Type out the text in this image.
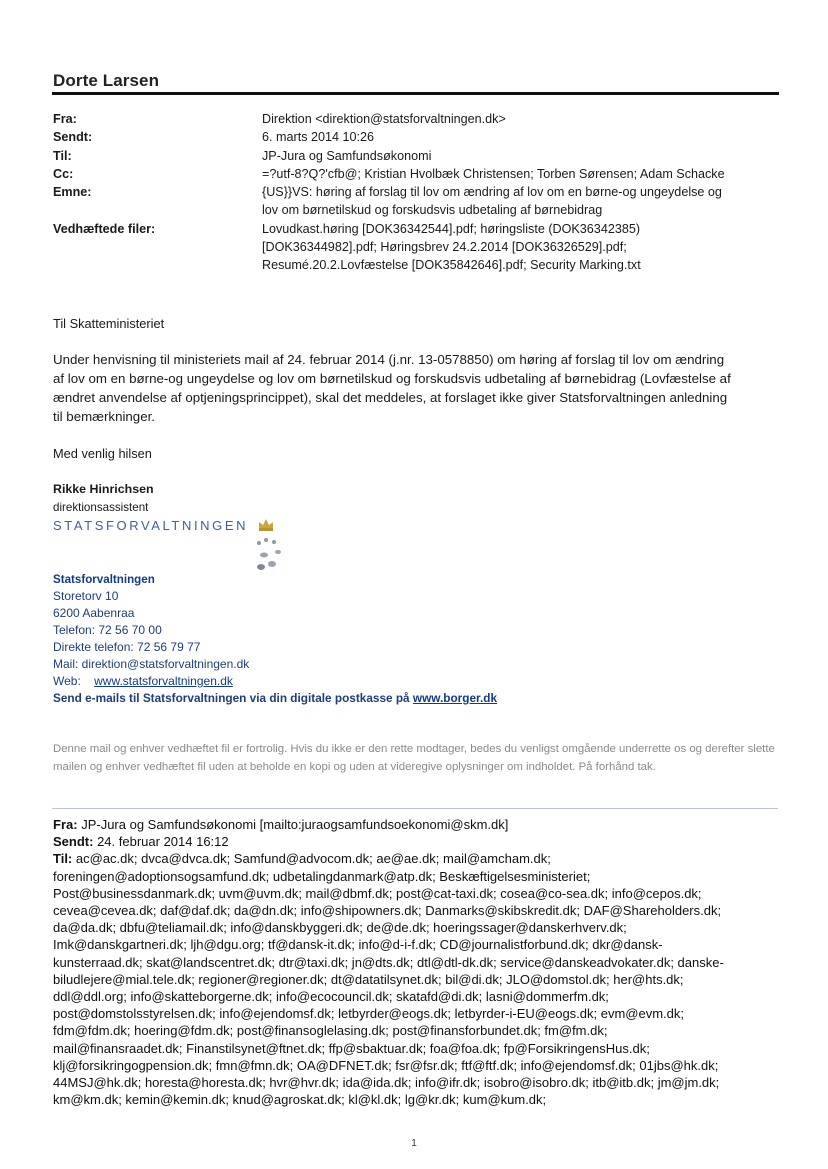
Dorte Larsen
Fra:
Sendt:
Til:
Cc:
Emne:
Vedhæftede filer:
Direktion <direktion@statsforvaltningen.dk>
6. marts 2014 10:26
JP-Jura og Samfundsøkonomi
=?utf-8?Q?'cfb@; Kristian Hvolbæk Christensen; Torben Sørensen; Adam Schacke
{US}}VS: høring af forslag til lov om ændring af lov om en børne-og ungeydelse og
lov om børnetilskud og forskudsvis udbetaling af børnebidrag
Lovudkast.høring [DOK36342544].pdf; høringsliste (DOK36342385)
[DOK36344982].pdf; Høringsbrev 24.2.2014 [DOK36326529].pdf;
Resumé.20.2.Lovfæstelse [DOK35842646].pdf; Security Marking.txt
Til Skatteministeriet
Under henvisning til ministeriets mail af 24. februar 2014 (j.nr. 13-0578850) om høring af forslag til lov om ændring
af lov om en børne-og ungeydelse og lov om børnetilskud og forskudsvis udbetaling af børnebidrag (Lovfæstelse af
ændret anvendelse af optjeningsprincippet), skal det meddeles, at forslaget ikke giver Statsforvaltningen anledning
til bemærkninger.
Med venlig hilsen
Rikke Hinrichsen
direktionsassistent
STATSFORVALTNINGEN
Statsforvaltningen
Storetorv 10
6200 Aabenraa
Telefon: 72 56 70 00
Direkte telefon: 72 56 79 77
Mail: direktion@statsforvaltningen.dk
Web: www.statsforvaltningen.dk
Send e-mails til Statsforvaltningen via din digitale postkasse på www.borger.dk
Denne mail og enhver vedhæftet fil er fortrolig. Hvis du ikke er den rette modtager, bedes du venligst omgående underrette os og derefter slette mailen og enhver vedhæftet fil uden at beholde en kopi og uden at videregive oplysninger om indholdet. På forhånd tak.
Fra: JP-Jura og Samfundsøkonomi [mailto:juraogsamfundsoekonomi@skm.dk]
Sendt: 24. februar 2014 16:12
Til: ac@ac.dk; dvca@dvca.dk; Samfund@advocom.dk; ae@ae.dk; mail@amcham.dk;
foreningen@adoptionsogsamfund.dk; udbetalingdanmark@atp.dk; Beskæftigelsesministeriet;
Post@businessdanmark.dk; uvm@uvm.dk; mail@dbmf.dk; post@cat-taxi.dk; cosea@co-sea.dk; info@cepos.dk;
cevea@cevea.dk; daf@daf.dk; da@dn.dk; info@shipowners.dk; Danmarks@skibskredit.dk; DAF@Shareholders.dk;
da@da.dk; dbfu@teliamail.dk; info@danskbyggeri.dk; de@de.dk; hoeringssager@danskerhverv.dk;
Imk@danskgartneri.dk; ljh@dgu.org; tf@dansk-it.dk; info@d-i-f.dk; CD@journalistforbund.dk; dkr@dansk-
kunsterraad.dk; skat@landscentret.dk; dtr@taxi.dk; jn@dts.dk; dtl@dtl-dk.dk; service@danskeadvokater.dk; danske-
biludlejere@mial.tele.dk; regioner@regioner.dk; dt@datatilsynet.dk; bil@di.dk; JLO@domstol.dk; her@hts.dk;
ddl@ddl.org; info@skatteborgerne.dk; info@ecocouncil.dk; skatafd@di.dk; lasni@dommerfm.dk;
post@domstolsstyrelsen.dk; info@ejendomsf.dk; letbyrder@eogs.dk; letbyrder-i-EU@eogs.dk; evm@evm.dk;
fdm@fdm.dk; hoering@fdm.dk; post@finansoglelasing.dk; post@finansforbundet.dk; fm@fm.dk;
mail@finansraadet.dk; Finanstilsynet@ftnet.dk; ffp@sbaktuar.dk; foa@foa.dk; fp@ForsikringensHus.dk;
klj@forsikringogpension.dk; fmn@fmn.dk; OA@DFNET.dk; fsr@fsr.dk; ftf@ftf.dk; info@ejendomsf.dk; 01jbs@hk.dk;
44MSJ@hk.dk; horesta@horesta.dk; hvr@hvr.dk; ida@ida.dk; info@ifr.dk; isobro@isobro.dk; itb@itb.dk; jm@jm.dk;
km@km.dk; kemin@kemin.dk; knud@agroskat.dk; kl@kl.dk; lg@kr.dk; kum@kum.dk;
1
